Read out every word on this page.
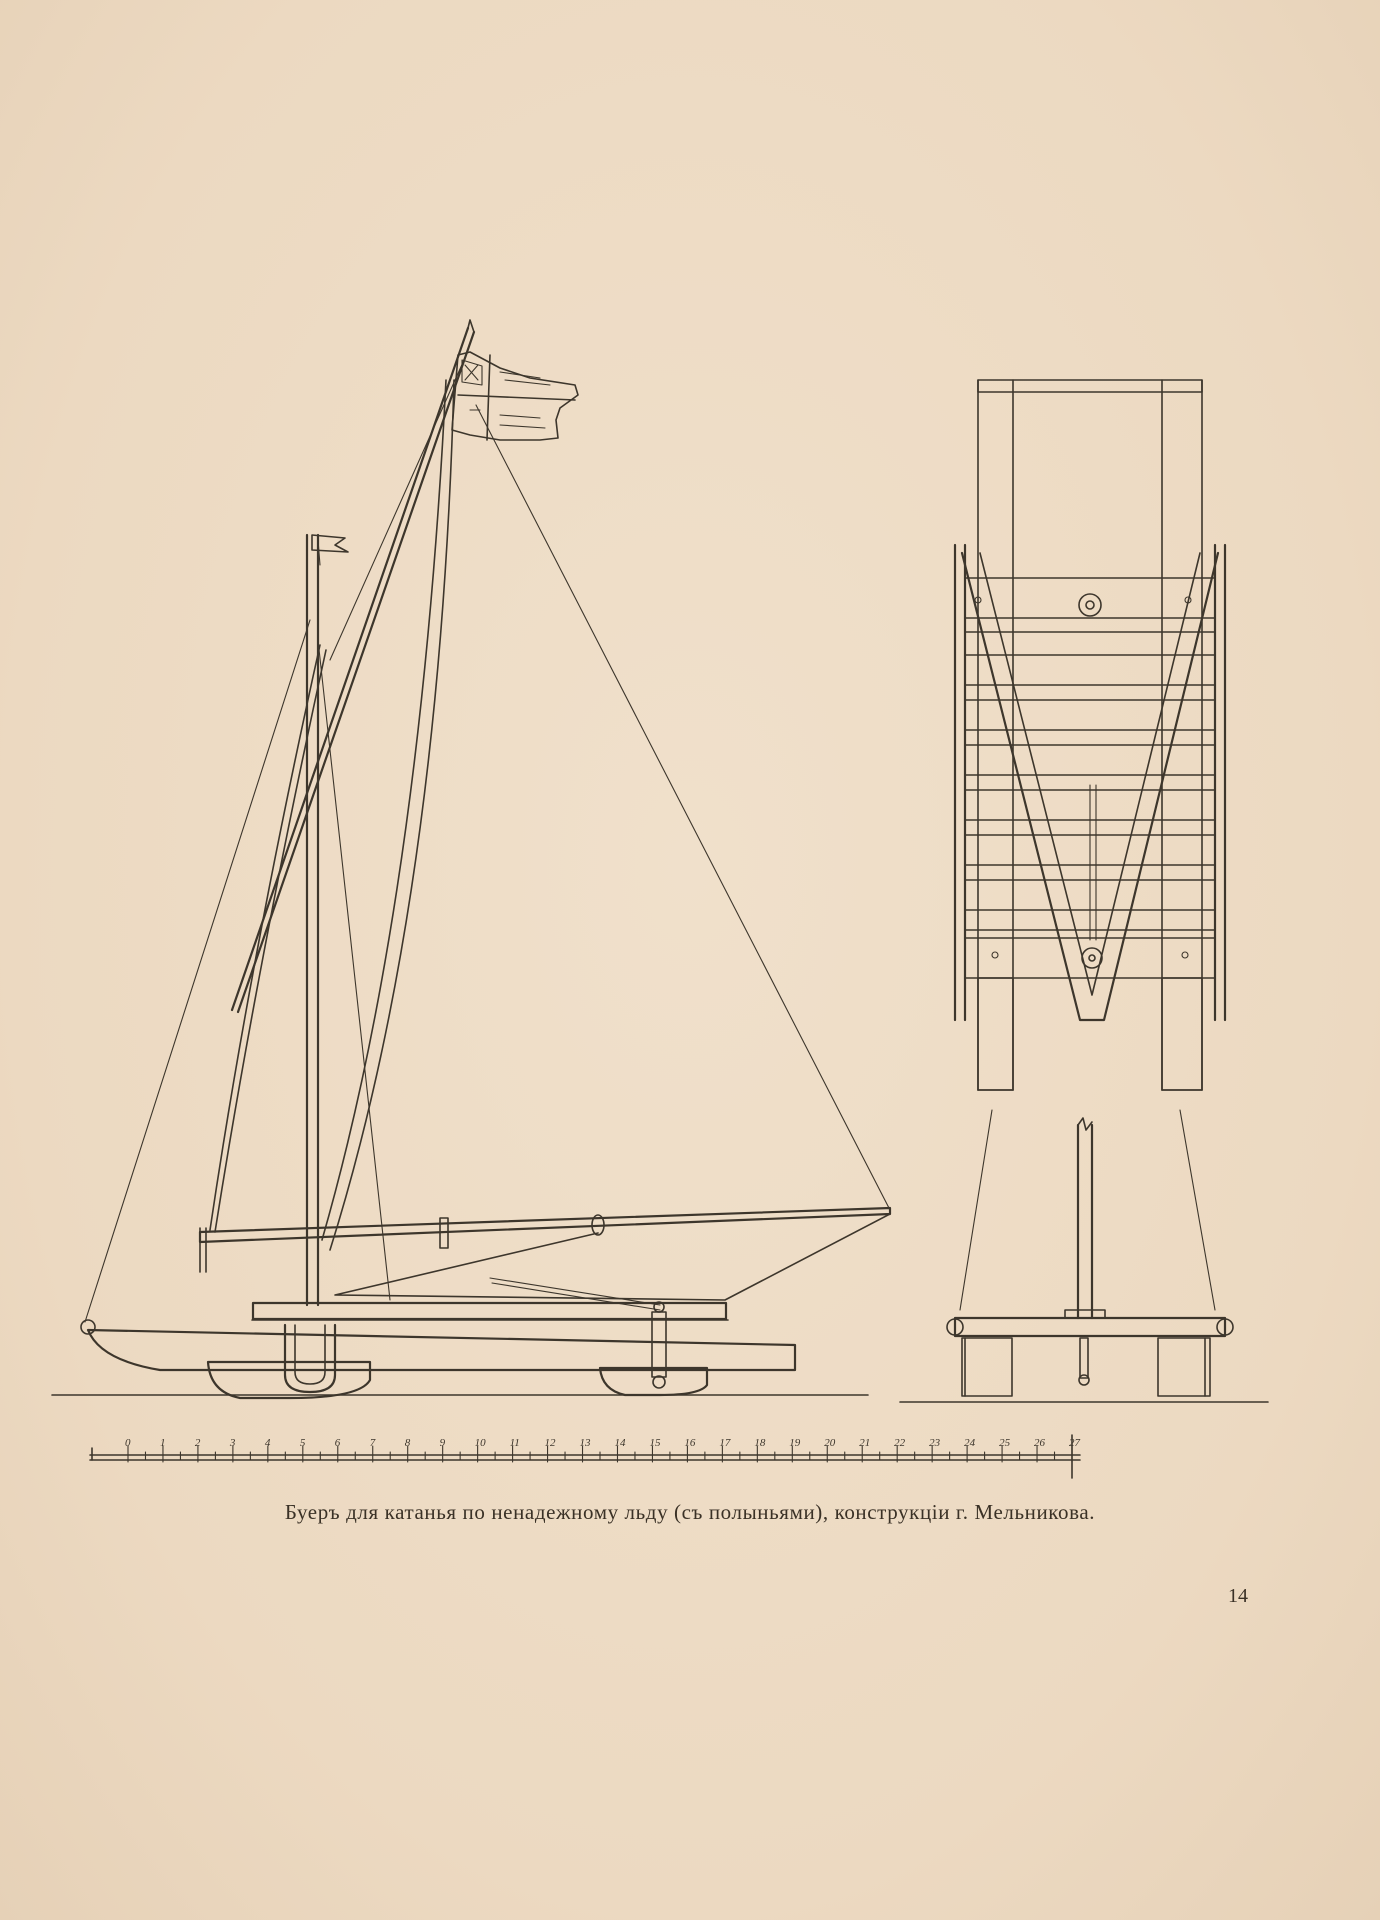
0	1	2	3	4	5	6	7	8	9	10 11 12 13 14 15 16 17 18 19 20 21 22 23 24 25 26 27
Буеръ для катанья по ненадежному льду (съ полыньями), конструкціи г. Мельникова.
14
